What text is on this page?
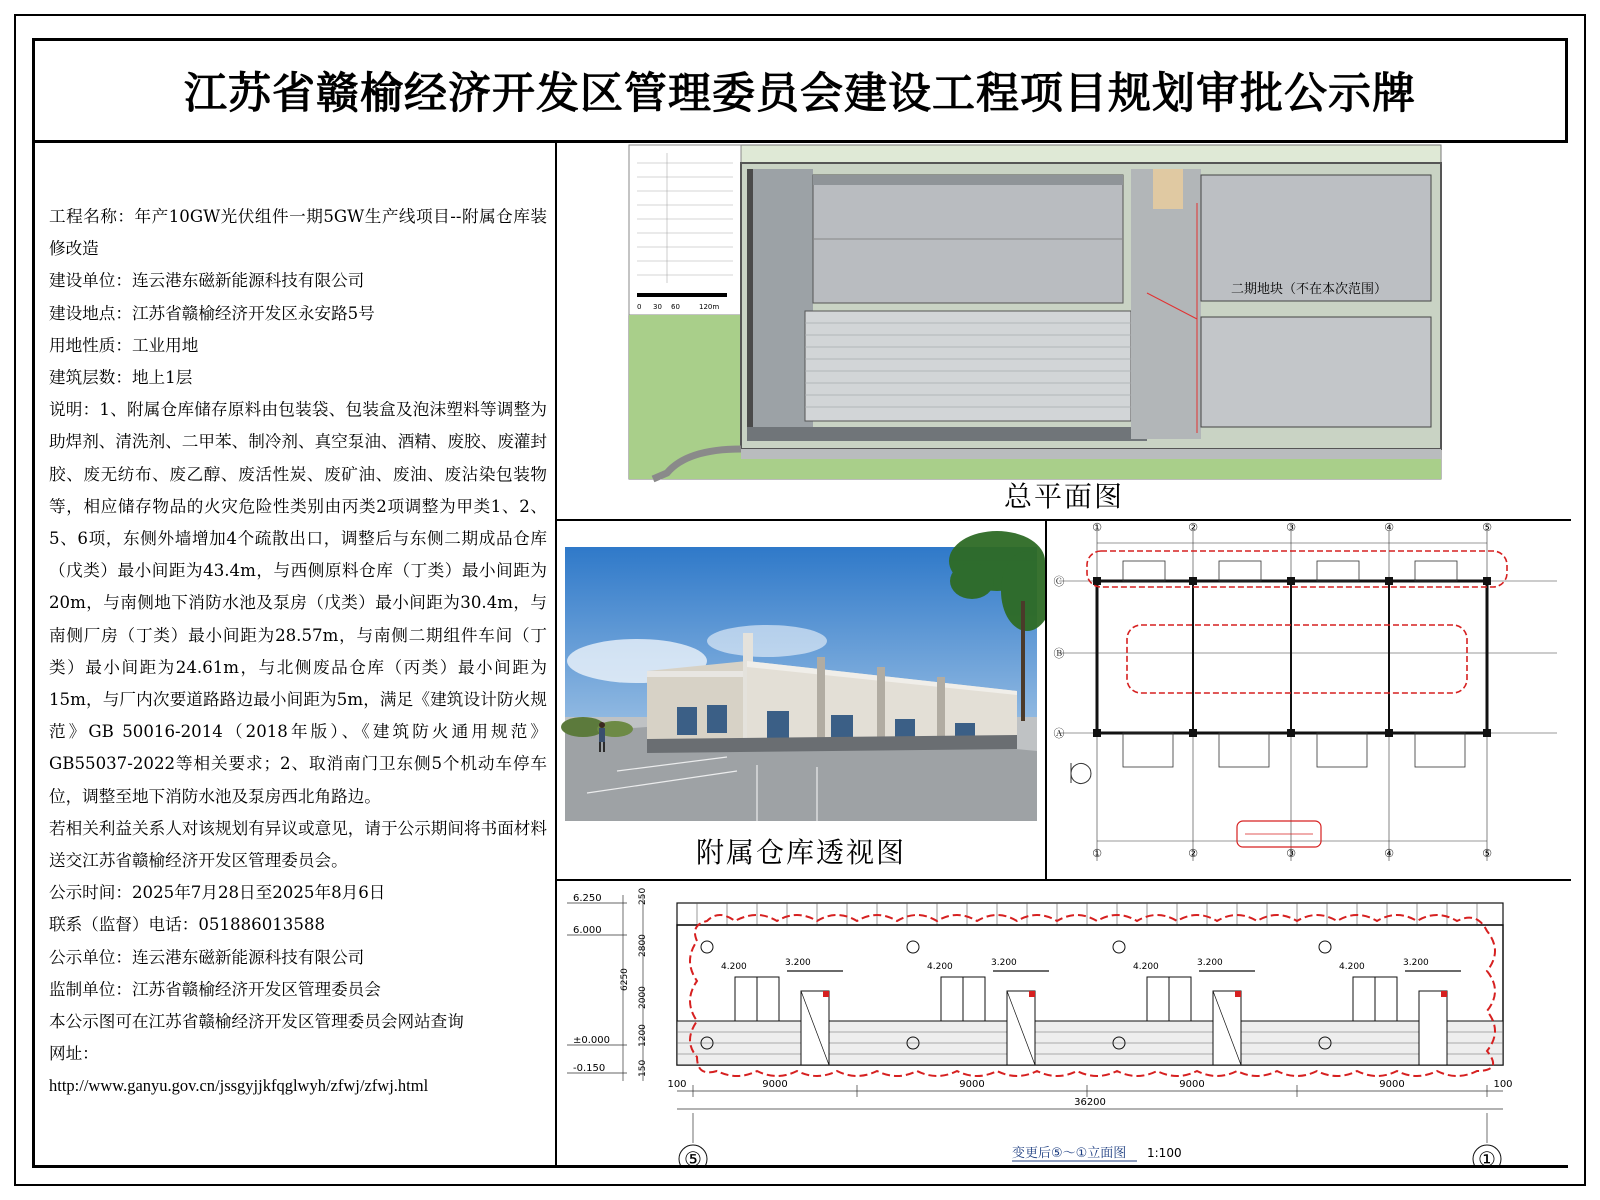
江苏省赣榆经济开发区管理委员会建设工程项目规划审批公示牌

工程名称：年产10GW光伏组件一期5GW生产线项目--附属仓库装修改造

建设单位：连云港东磁新能源科技有限公司

建设地点：江苏省赣榆经济开发区永安路5号

用地性质：工业用地

建筑层数：地上1层

说明：1、附属仓库储存原料由包装袋、包装盒及泡沫塑料等调整为助焊剂、清洗剂、二甲苯、制冷剂、真空泵油、酒精、废胶、废灌封胶、废无纺布、废乙醇、废活性炭、废矿油、废油、废沾染包装物等，相应储存物品的火灾危险性类别由丙类2项调整为甲类1、2、5、6项，东侧外墙增加4个疏散出口，调整后与东侧二期成品仓库（戊类）最小间距为43.4m，与西侧原料仓库（丁类）最小间距为20m，与南侧地下消防水池及泵房（戊类）最小间距为30.4m，与南侧厂房（丁类）最小间距为28.57m，与南侧二期组件车间（丁类）最小间距为24.61m，与北侧废品仓库（丙类）最小间距为15m，与厂内次要道路路边最小间距为5m，满足《建筑设计防火规范》GB 50016-2014（2018年版）、《建筑防火通用规范》 GB55037-2022等相关要求；2、取消南门卫东侧5个机动车停车位，调整至地下消防水池及泵房西北角路边。

若相关利益关系人对该规划有异议或意见，请于公示期间将书面材料送交江苏省赣榆经济开发区管理委员会。

公示时间：2025年7月28日至2025年8月6日

联系（监督）电话：051886013588

公示单位：连云港东磁新能源科技有限公司

监制单位：江苏省赣榆经济开发区管理委员会

本公示图可在江苏省赣榆经济开发区管理委员会网站查询

网址：

http://www.ganyu.gov.cn/jssgyjjkfqglwyh/zfwj/zfwj.html

0 30 60	120m
二期地块（不在本次范围）
总平面图
附属仓库透视图
①	②	③	④	⑤
①	②	③	④	⑤
Ⓒ
Ⓑ
Ⓐ
6.250
6.000
±0.000
-0.150
250
2800
6250
2000
1200
150
4.200	3.200	4.200	3.200	4.200	3.200	4.200	3.200
100	100
9000	9000	9000	9000
36200
⑤	①
变更后⑤～①立面图 1:100
